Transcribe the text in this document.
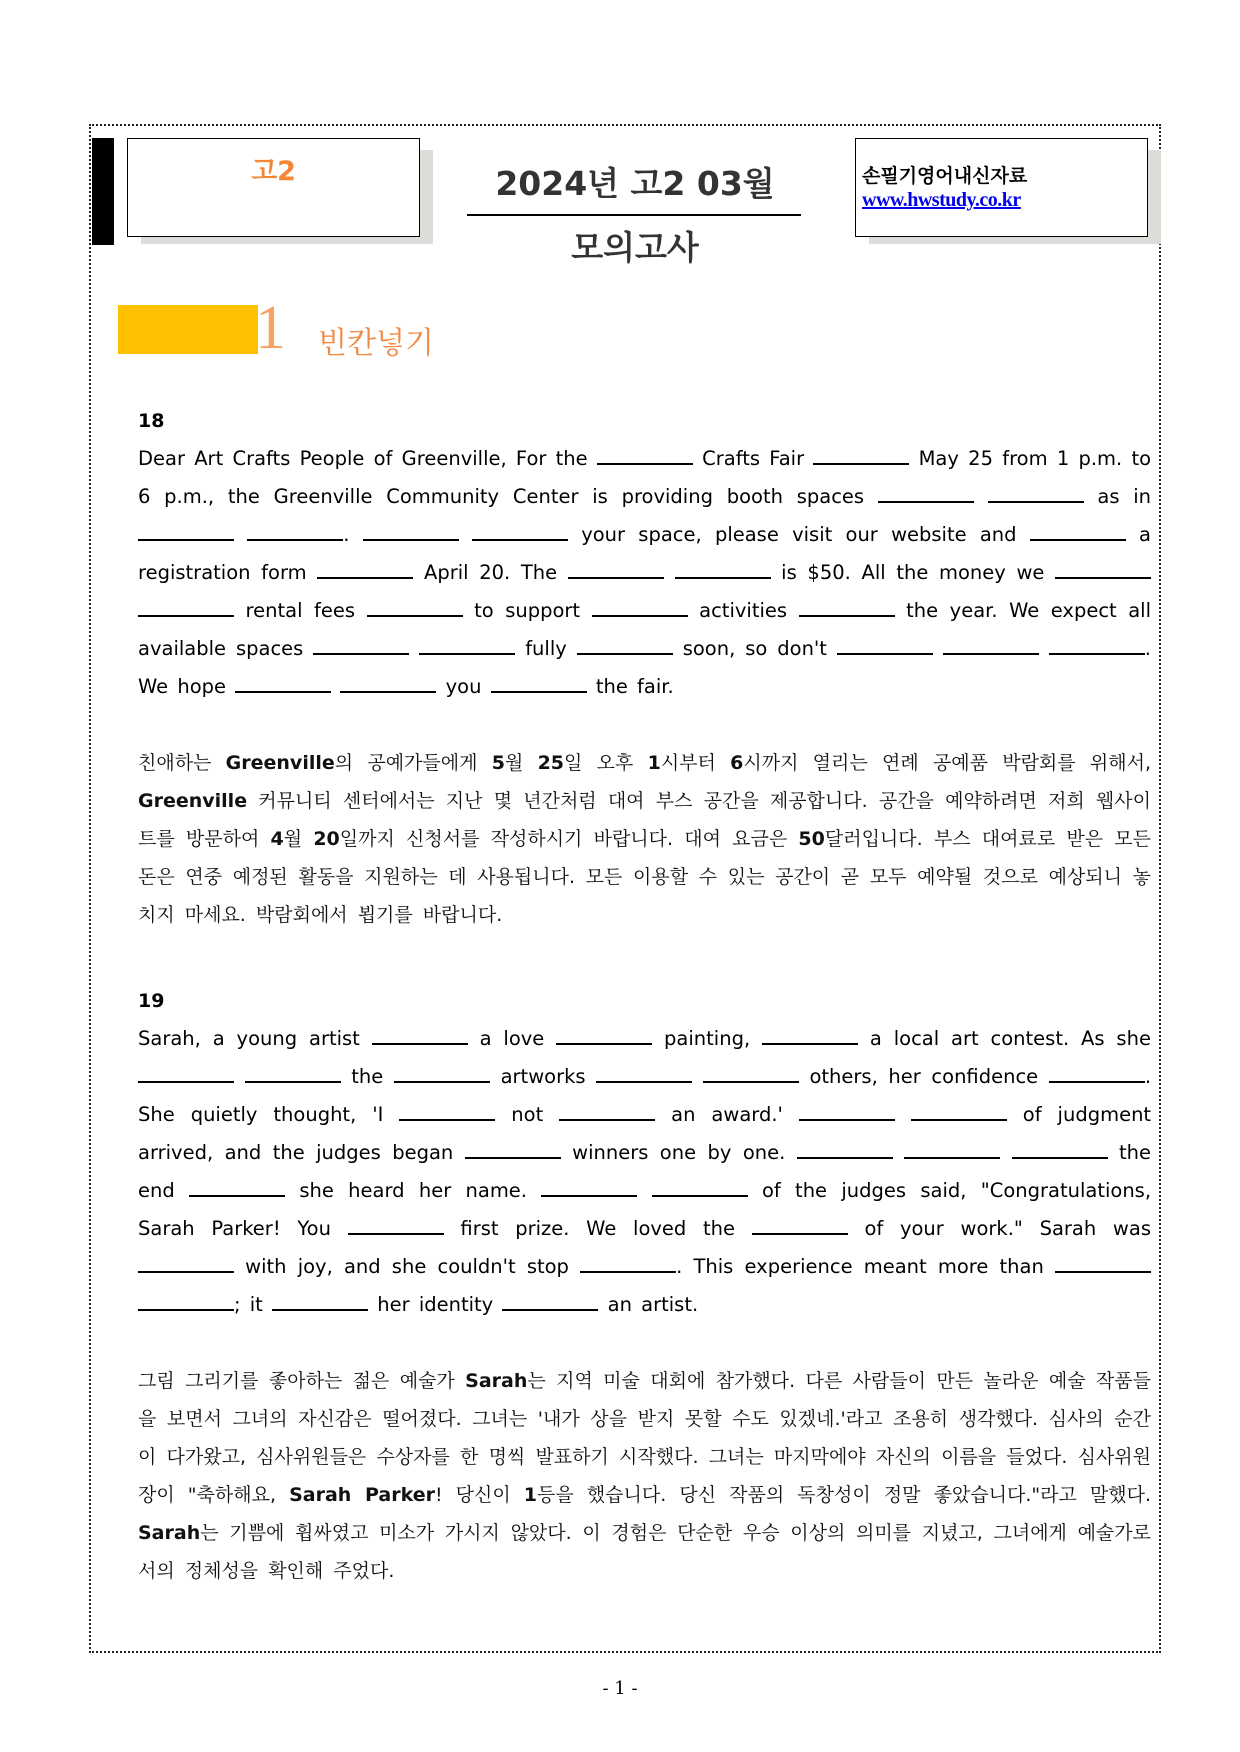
고2	2024년 고2 03월
모의고사
손필기영어내신자료
www.hwstudy.co.kr
1 빈칸넣기
18
Dear Art Crafts People of Greenville, For the	Crafts Fair	May 25 from 1 p.m. to 6 p.m., the Greenville Community Center is providing booth spaces	as in  .	your space, please visit our website and	a registration form	April 20. The	is $50. All the money we   rental fees	to support	activities	the year. We expect all available spaces	fully	soon, so don't	. We hope	you	the fair.
친애하는 Greenville의 공예가들에게 5월 25일 오후 1시부터 6시까지 열리는 연례 공예품 박람회를 위해서, Greenville 커뮤니티 센터에서는 지난 몇 년간처럼 대여 부스 공간을 제공합니다. 공간을 예약하려면 저희 웹사이트를 방문하여 4월 20일까지 신청서를 작성하시기 바랍니다. 대여 요금은 50달러입니다. 부스 대여료로 받은 모든 돈은 연중 예정된 활동을 지원하는 데 사용됩니다. 모든 이용할 수 있는 공간이 곧 모두 예약될 것으로 예상되니 놓치지 마세요. 박람회에서 뵙기를 바랍니다.
19
Sarah, a young artist	a love	painting,	a local art contest. As she   the	artworks	others, her confidence	. She quietly thought, 'I	not	an award.'	of judgment arrived, and the judges began	winners one by one.	the end	she heard her name.	of the judges said, "Congratulations, Sarah Parker! You	first prize. We loved the	of your work." Sarah was  with joy, and she couldn't stop	. This experience meant more than  ; it	her identity	an artist.
그림 그리기를 좋아하는 젊은 예술가 Sarah는 지역 미술 대회에 참가했다. 다른 사람들이 만든 놀라운 예술 작품들을 보면서 그녀의 자신감은 떨어졌다. 그녀는 '내가 상을 받지 못할 수도 있겠네.'라고 조용히 생각했다. 심사의 순간이 다가왔고, 심사위원들은 수상자를 한 명씩 발표하기 시작했다. 그녀는 마지막에야 자신의 이름을 들었다. 심사위원장이 "축하해요, Sarah Parker! 당신이 1등을 했습니다. 당신 작품의 독창성이 정말 좋았습니다."라고 말했다. Sarah는 기쁨에 휩싸였고 미소가 가시지 않았다. 이 경험은 단순한 우승 이상의 의미를 지녔고, 그녀에게 예술가로서의 정체성을 확인해 주었다.
- 1 -
